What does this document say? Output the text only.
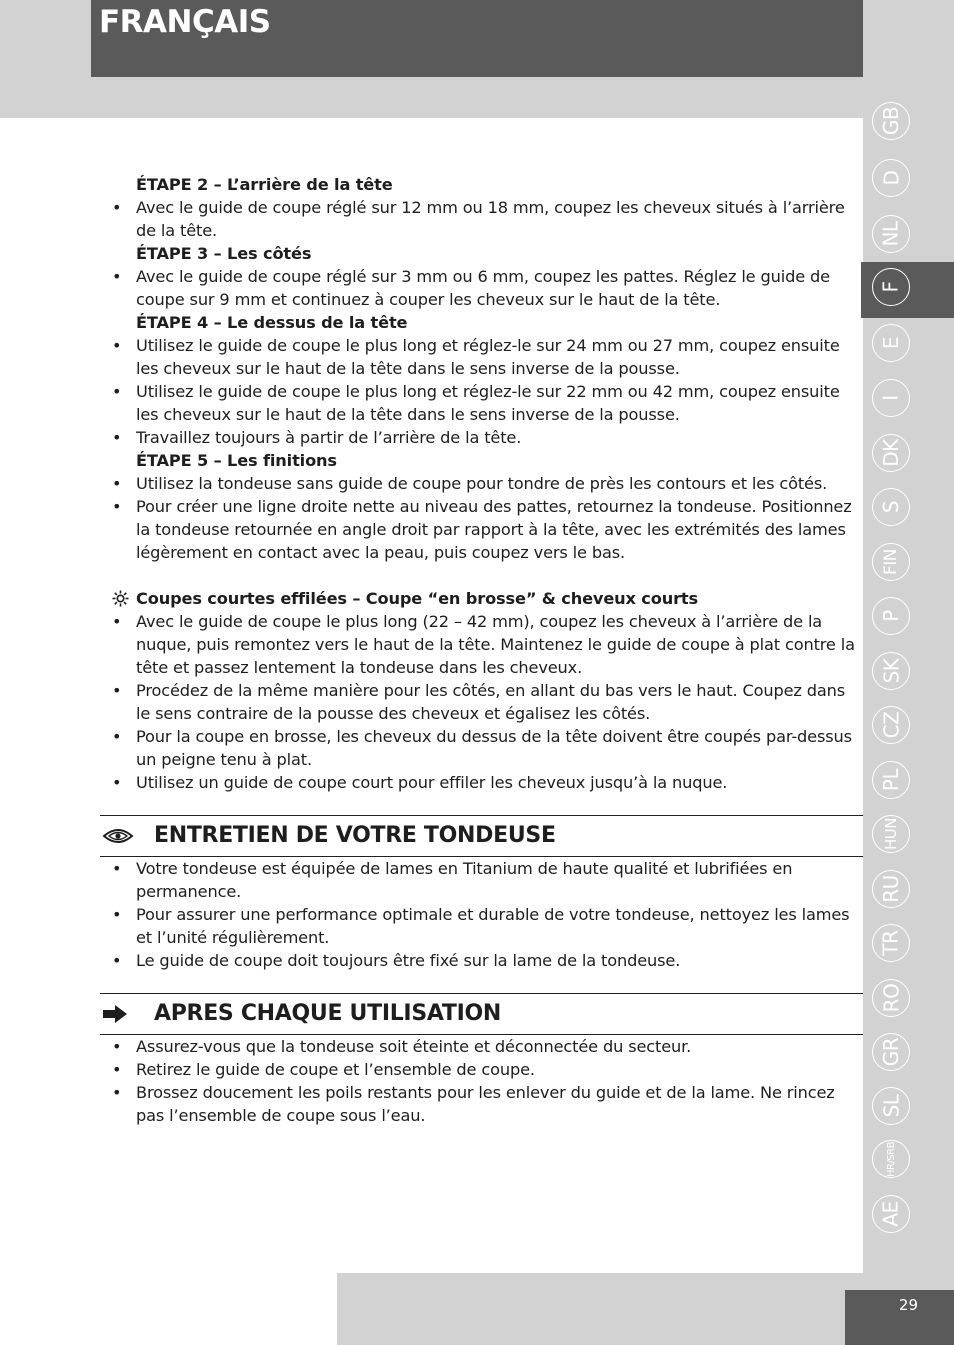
FRANÇAIS
GB
D
NL
F
E
I
DK
S
FIN
P
SK
CZ
PL
HUN
RU
TR
RO
GR
SL
HR/SRB
AE
ÉTAPE 2 – L’arrière de la tête
• Avec le guide de coupe réglé sur 12 mm ou 18 mm, coupez les cheveux situés à l’arrière de la tête.
ÉTAPE 3 – Les côtés
• Avec le guide de coupe réglé sur 3 mm ou 6 mm, coupez les pattes. Réglez le guide de coupe sur 9 mm et continuez à couper les cheveux sur le haut de la tête.
ÉTAPE 4 – Le dessus de la tête
• Utilisez le guide de coupe le plus long et réglez-le sur 24 mm ou 27 mm, coupez ensuite les cheveux sur le haut de la tête dans le sens inverse de la pousse.
• Utilisez le guide de coupe le plus long et réglez-le sur 22 mm ou 42 mm, coupez ensuite les cheveux sur le haut de la tête dans le sens inverse de la pousse.
• Travaillez toujours à partir de l’arrière de la tête.
ÉTAPE 5 – Les finitions
• Utilisez la tondeuse sans guide de coupe pour tondre de près les contours et les côtés.
• Pour créer une ligne droite nette au niveau des pattes, retournez la tondeuse. Positionnez la tondeuse retournée en angle droit par rapport à la tête, avec les extrémités des lames légèrement en contact avec la peau, puis coupez vers le bas.
Coupes courtes effilées – Coupe “en brosse” & cheveux courts
• Avec le guide de coupe le plus long (22 – 42 mm), coupez les cheveux à l’arrière de la nuque, puis remontez vers le haut de la tête. Maintenez le guide de coupe à plat contre la tête et passez lentement la tondeuse dans les cheveux.
• Procédez de la même manière pour les côtés, en allant du bas vers le haut. Coupez dans le sens contraire de la pousse des cheveux et égalisez les côtés.
• Pour la coupe en brosse, les cheveux du dessus de la tête doivent être coupés par-dessus un peigne tenu à plat.
• Utilisez un guide de coupe court pour effiler les cheveux jusqu’à la nuque.
ENTRETIEN DE VOTRE TONDEUSE
• Votre tondeuse est équipée de lames en Titanium de haute qualité et lubrifiées en permanence.
• Pour assurer une performance optimale et durable de votre tondeuse, nettoyez les lames et l’unité régulièrement.
• Le guide de coupe doit toujours être fixé sur la lame de la tondeuse.
APRES CHAQUE UTILISATION
• Assurez-vous que la tondeuse soit éteinte et déconnectée du secteur.
• Retirez le guide de coupe et l’ensemble de coupe.
• Brossez doucement les poils restants pour les enlever du guide et de la lame. Ne rincez pas l’ensemble de coupe sous l’eau.
29
